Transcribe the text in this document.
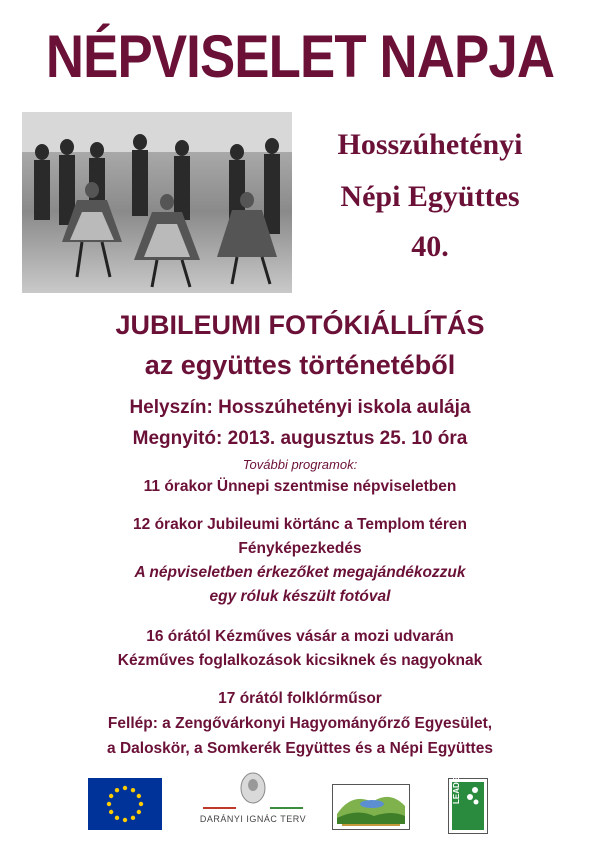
NÉPVISELET NAPJA
Hosszúhetényi
Népi Együttes
40.
JUBILEUMI FOTÓKIÁLLÍTÁS
az együttes történetéből
Helyszín: Hosszúhetényi iskola aulája
Megnyitó: 2013. augusztus 25. 10 óra
További programok:
11 órakor Ünnepi szentmise népviseletben
12 órakor Jubileumi körtánc a Templom téren
Fényképezkedés
A népviseletben érkezőket megajándékozzuk
egy róluk készült fotóval
16 órától Kézműves vásár a mozi udvarán
Kézműves foglalkozások kicsiknek és nagyoknak
17 órától folklórműsor
Fellép: a Zengővárkonyi Hagyományőrző Egyesület,
a Daloskör, a Somkerék Együttes és a Népi Együttes
DARÁNYI IGNÁC TERV
LEADER
